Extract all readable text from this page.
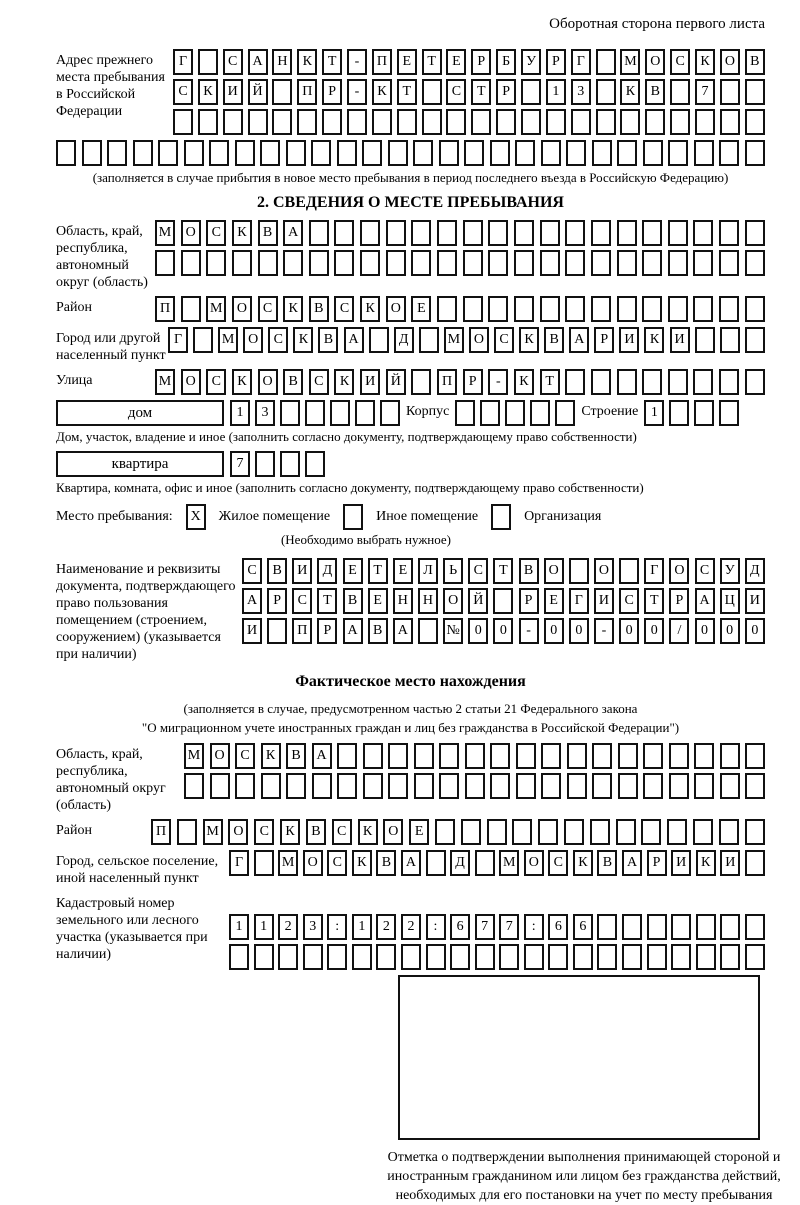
Оборотная сторона первого листа
Адрес прежнего места пребывания в Российской Федерации
Г	С	А	Н	К	Т	-	П	Е	Т	Е	Р	Б	У	Р	Г	М О	С	К	О	В
С	К	И	Й	П	Р	-	К	Т	С	Т	Р	1	3	К	В	7
(заполняется в случае прибытия в новое место пребывания в период последнего въезда в Российскую Федерацию)
2. СВЕДЕНИЯ О МЕСТЕ ПРЕБЫВАНИЯ
Область, край, республика, автономный округ (область)
М	О	С	К	В	А
Район	П	М	О	С	К	В	С	К	О	Е
Город или другой населенный пункт
Г	М О	С	К	В	А	Д	М О	С	К	В	А	Р	И	К	И
Улица	М	О	С	К	О	В	С	К	И	Й	П	Р	-	К	Т
дом	1	3	Корпус	Строение 1
Дом, участок, владение и иное (заполнить согласно документу, подтверждающему право собственности)
квартира	7
Квартира, комната, офис и иное (заполнить согласно документу, подтверждающему право собственности)
Место пребывания:	X	Жилое помещение	Иное помещение	Организация
(Необходимо выбрать нужное)
Наименование и реквизиты документа, подтверждающего право пользования помещением (строением, сооружением) (указывается при наличии)
С	В	И	Д	Е	Т	Е	Л	Ь	С	Т	В	О	О	Г	О	С	У	Д
А	Р	С	Т	В	Е	Н	Н	О	Й	Р	Е	Г	И	С	Т	Р	А	Ц	И
И	П	Р	А	В	А	№	0	0	-	0	0	-	0	0	/	0	0	0
Фактическое место нахождения
(заполняется в случае, предусмотренном частью 2 статьи 21 Федерального закона
"О миграционном учете иностранных граждан и лиц без гражданства в Российской Федерации")
Область, край, республика, автономный округ (область)
М	О	С	К	В	А
Район	П	М	О	С	К	В	С	К	О	Е
Город, сельское поселение, иной населенный пункт
Г	М О	С	К	В	А	Д	М О	С	К	В	А	Р	И	К	И
Кадастровый номер земельного или лесного участка (указывается при наличии)
1	1	2	3	:	1	2	2	:	6	7	7	:	6	6
Отметка о подтверждении выполнения принимающей стороной и иностранным гражданином или лицом без гражданства действий, необходимых для его постановки на учет по месту пребывания
